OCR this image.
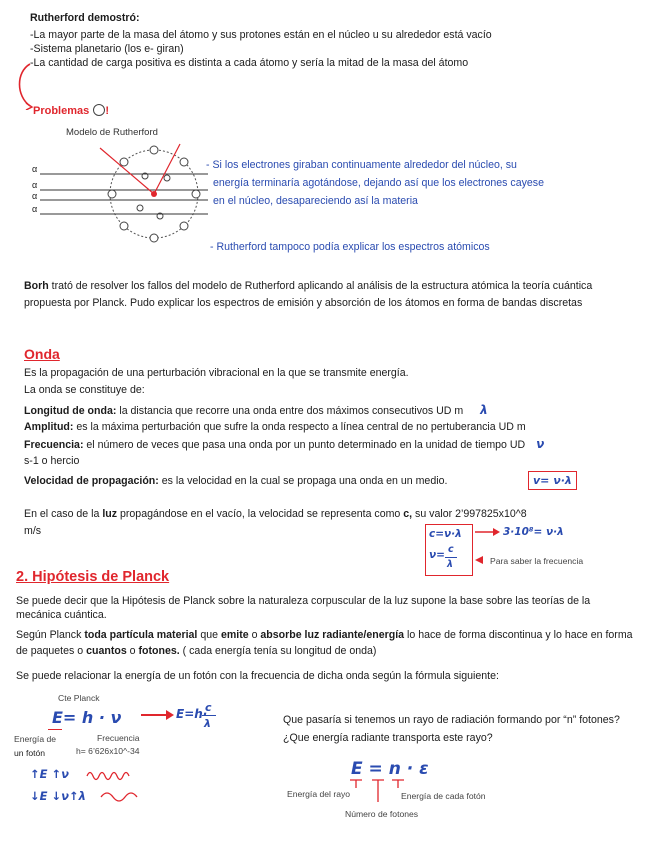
Rutherford demostró:
-La mayor parte de la masa del átomo y sus protones están en el núcleo u su alrededor está vacío
-Sistema planetario (los e- giran)
-La cantidad de carga positiva es distinta a cada átomo y sería la mitad de la masa del átomo
Problemas !
Modelo de Rutherford
α
α
α
α
- Si los electrones giraban continuamente alrededor del núcleo, su
energía terminaría agotándose, dejando así que los electrones cayese
en el núcleo, desapareciendo así la materia
- Rutherford tampoco podía explicar los espectros atómicos
Borh trató de resolver los fallos del modelo de Rutherford aplicando al análisis de la estructura atómica la teoría cuántica propuesta por Planck. Pudo explicar los espectros de emisión y absorción de los átomos en forma de bandas discretas
Onda
Es la propagación de una perturbación vibracional en la que se transmite energía.
La onda se constituye de:
Longitud de onda: la distancia que recorre una onda entre dos máximos consecutivos UD m λ
Amplitud: es la máxima perturbación que sufre la onda respecto a línea central de no pertuberancia UD m
Frecuencia: el número de veces que pasa una onda por un punto determinado en la unidad de tiempo UD ν
s-1 o hercio
Velocidad de propagación: es la velocidad en la cual se propaga una onda en un medio.	v= ν·λ
En el caso de la luz propagándose en el vacío, la velocidad se representa como c, su valor 2’997825x10^8
m/s	c=ν·λ
ν= c
λ
3·10⁸= ν·λ
Para saber la frecuencia
2. Hipótesis de Planck
Se puede decir que la Hipótesis de Planck sobre la naturaleza corpuscular de la luz supone la base sobre las teorías de la mecánica cuántica.
Según Planck toda partícula material que emite o absorbe luz radiante/energía lo hace de forma discontinua y lo hace en forma de paquetes o cuantos o fotones. ( cada energía tenía su longitud de onda)
Se puede relacionar la energía de un fotón con la frecuencia de dicha onda según la fórmula siguiente:
Cte Planck
E= h · ν	E=h·
c
λ
Energía de
un fotón
Frecuencia
h= 6’626x10^-34
↑E ↑ν
↓E ↓ν↑λ
Que pasaría si tenemos un rayo de radiación formando por “n” fotones? ¿Que energía radiante transporta este rayo?
E = n · ε
Energía del rayo	Energía de cada fotón
Número de fotones
